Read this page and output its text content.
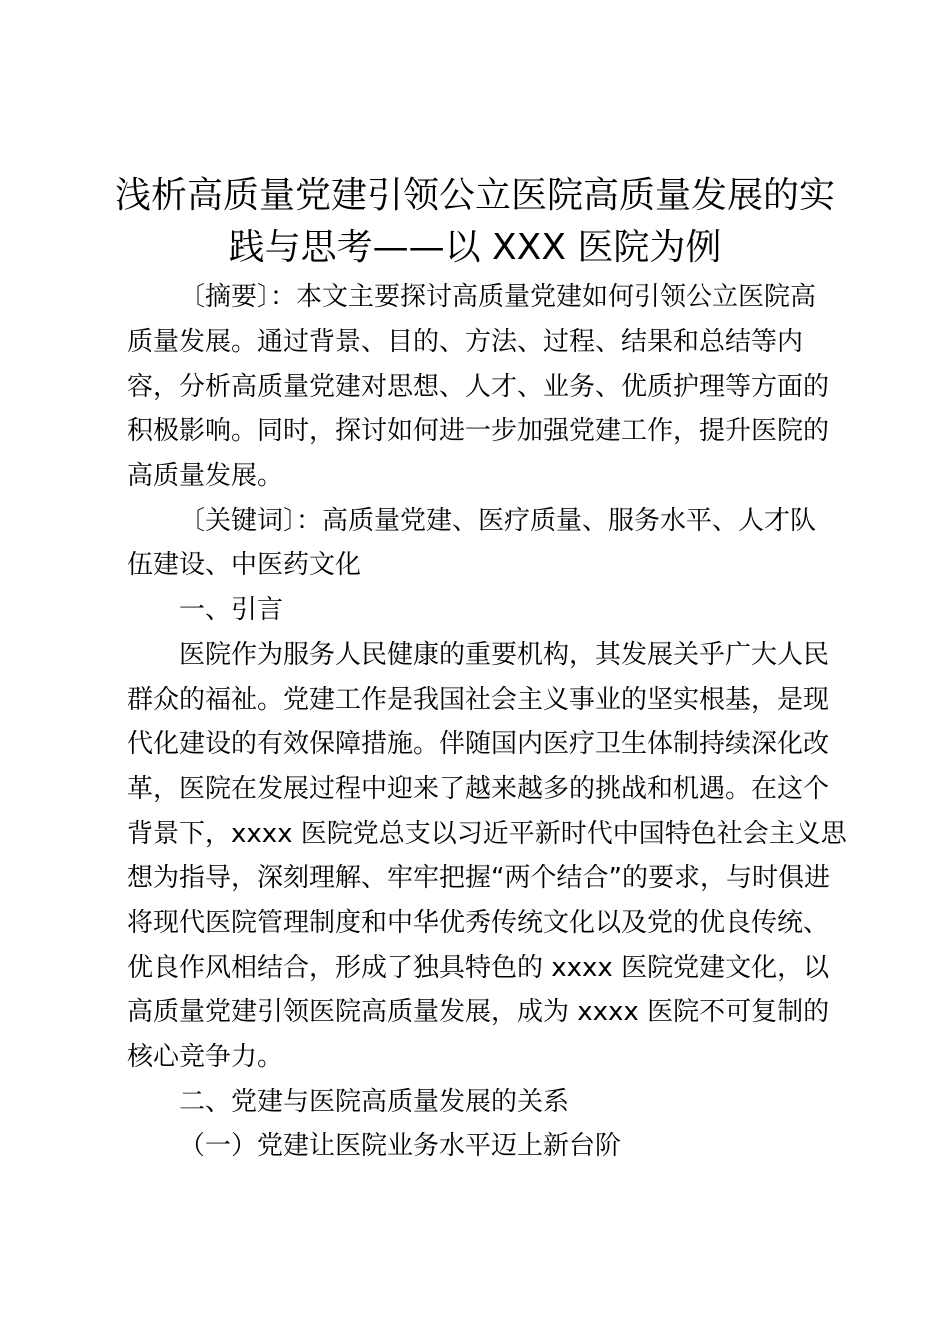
浅析高质量党建引领公立医院高质量发展的实
践与思考——以 XXX 医院为例

〔摘要〕：本文主要探讨高质量党建如何引领公立医院高

质量发展。通过背景、目的、方法、过程、结果和总结等内

容，分析高质量党建对思想、人才、业务、优质护理等方面的

积极影响。同时，探讨如何进一步加强党建工作，提升医院的

高质量发展。

〔关键词〕：高质量党建、医疗质量、服务水平、人才队

伍建设、中医药文化

一、引言

医院作为服务人民健康的重要机构，其发展关乎广大人民

群众的福祉。党建工作是我国社会主义事业的坚实根基，是现

代化建设的有效保障措施。伴随国内医疗卫生体制持续深化改

革，医院在发展过程中迎来了越来越多的挑战和机遇。在这个

背景下，xxxx 医院党总支以习近平新时代中国特色社会主义思

想为指导，深刻理解、牢牢把握“两个结合”的要求，与时俱进

将现代医院管理制度和中华优秀传统文化以及党的优良传统、

优良作风相结合，形成了独具特色的 xxxx 医院党建文化，以

高质量党建引领医院高质量发展，成为 xxxx 医院不可复制的

核心竞争力。

二、党建与医院高质量发展的关系

（一）党建让医院业务水平迈上新台阶
